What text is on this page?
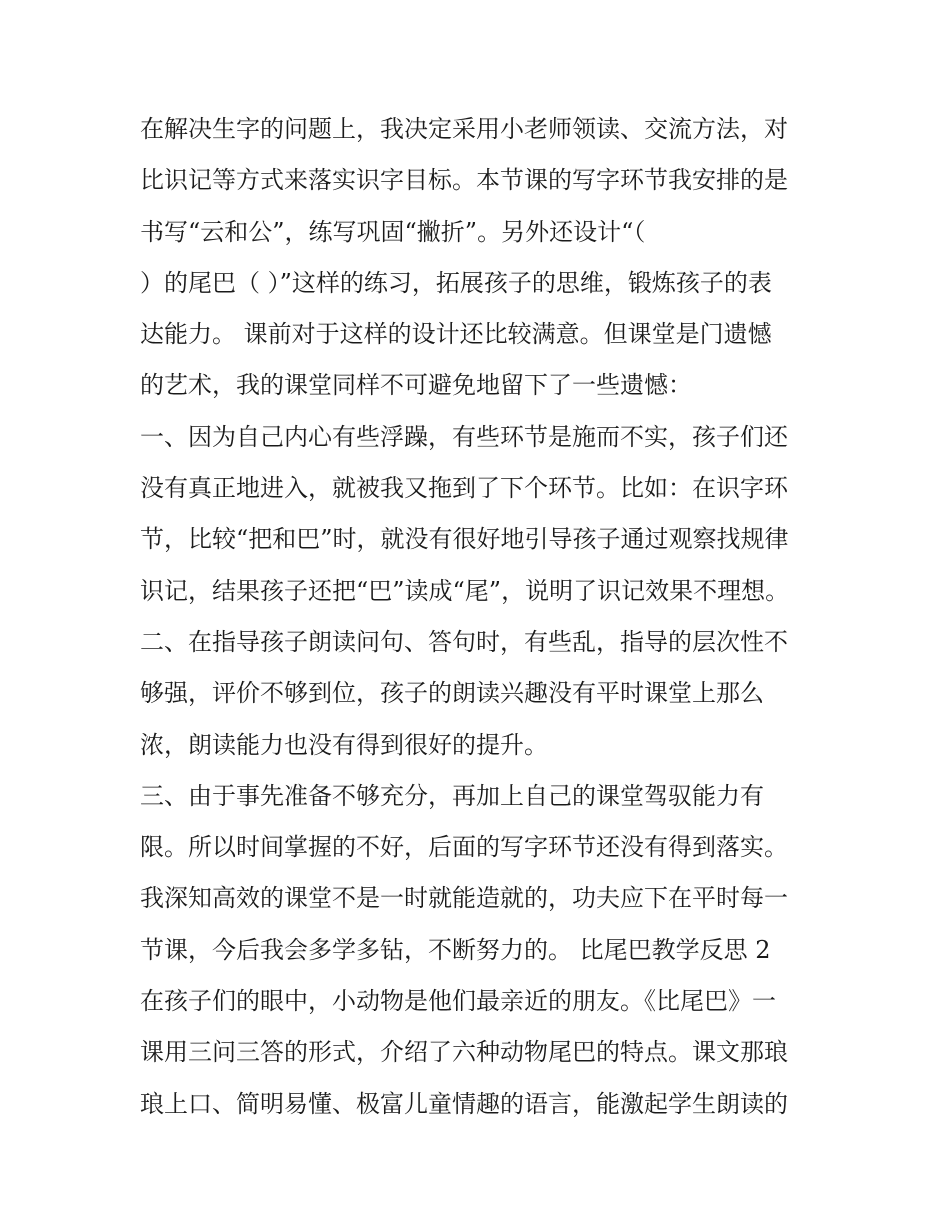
在解决生字的问题上，我决定采用小老师领读、交流方法，对
比识记等方式来落实识字目标。本节课的写字环节我安排的是
书写“云和公”，练写巩固“撇折”。另外还设计“（
）的尾巴（ ）”这样的练习，拓展孩子的思维，锻炼孩子的表
达能力。 课前对于这样的设计还比较满意。但课堂是门遗憾
的艺术，我的课堂同样不可避免地留下了一些遗憾：
一、因为自己内心有些浮躁，有些环节是施而不实，孩子们还
没有真正地进入，就被我又拖到了下个环节。比如：在识字环
节，比较“把和巴”时，就没有很好地引导孩子通过观察找规律
识记，结果孩子还把“巴”读成“尾”，说明了识记效果不理想。
二、在指导孩子朗读问句、答句时，有些乱，指导的层次性不
够强，评价不够到位，孩子的朗读兴趣没有平时课堂上那么
浓，朗读能力也没有得到很好的提升。
三、由于事先准备不够充分，再加上自己的课堂驾驭能力有
限。所以时间掌握的不好，后面的写字环节还没有得到落实。
我深知高效的课堂不是一时就能造就的，功夫应下在平时每一
节课，今后我会多学多钻，不断努力的。 比尾巴教学反思 2
在孩子们的眼中，小动物是他们最亲近的朋友。《比尾巴》一
课用三问三答的形式，介绍了六种动物尾巴的特点。课文那琅
琅上口、简明易懂、极富儿童情趣的语言，能激起学生朗读的
